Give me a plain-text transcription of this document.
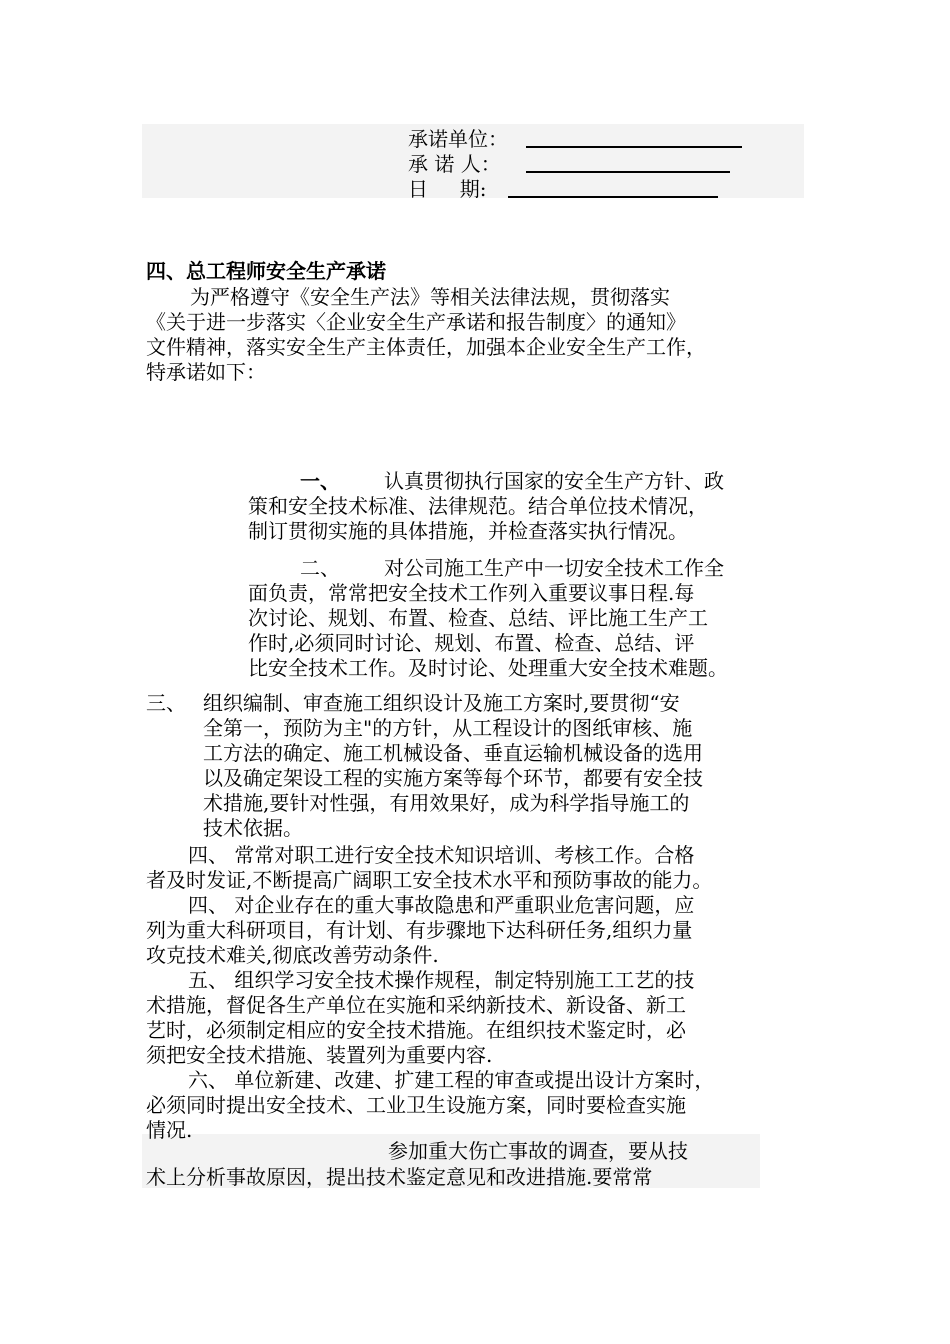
承诺单位：
承 诺 人：
日     期:
四、总工程师安全生产承诺
为严格遵守《安全生产法》等相关法律法规，贯彻落实
《关于进一步落实〈企业安全生产承诺和报告制度〉的通知》
文件精神，落实安全生产主体责任，加强本企业安全生产工作，
特承诺如下：
一、 认真贯彻执行国家的安全生产方针、政
策和安全技术标准、法律规范。结合单位技术情况，
制订贯彻实施的具体措施，并检查落实执行情况。
二、 对公司施工生产中一切安全技术工作全
面负责，常常把安全技术工作列入重要议事日程.每
次讨论、规划、布置、检查、总结、评比施工生产工
作时,必须同时讨论、规划、布置、检查、总结、评
比安全技术工作。及时讨论、处理重大安全技术难题。
三、 组织编制、审查施工组织设计及施工方案时,要贯彻“安
全第一，预防为主"的方针，从工程设计的图纸审核、施
工方法的确定、施工机械设备、垂直运输机械设备的选用
以及确定架设工程的实施方案等每个环节，都要有安全技
术措施,要针对性强，有用效果好，成为科学指导施工的
技术依据。
四、 常常对职工进行安全技术知识培训、考核工作。合格
者及时发证,不断提高广阔职工安全技术水平和预防事故的能力。
四、 对企业存在的重大事故隐患和严重职业危害问题，应
列为重大科研项目，有计划、有步骤地下达科研任务,组织力量
攻克技术难关,彻底改善劳动条件.
五、 组织学习安全技术操作规程，制定特别施工工艺的技
术措施，督促各生产单位在实施和采纳新技术、新设备、新工
艺时，必须制定相应的安全技术措施。在组织技术鉴定时，必
须把安全技术措施、装置列为重要内容.
六、 单位新建、改建、扩建工程的审查或提出设计方案时，
必须同时提出安全技术、工业卫生设施方案，同时要检查实施
情况.
参加重大伤亡事故的调查，要从技
术上分析事故原因，提出技术鉴定意见和改进措施.要常常
